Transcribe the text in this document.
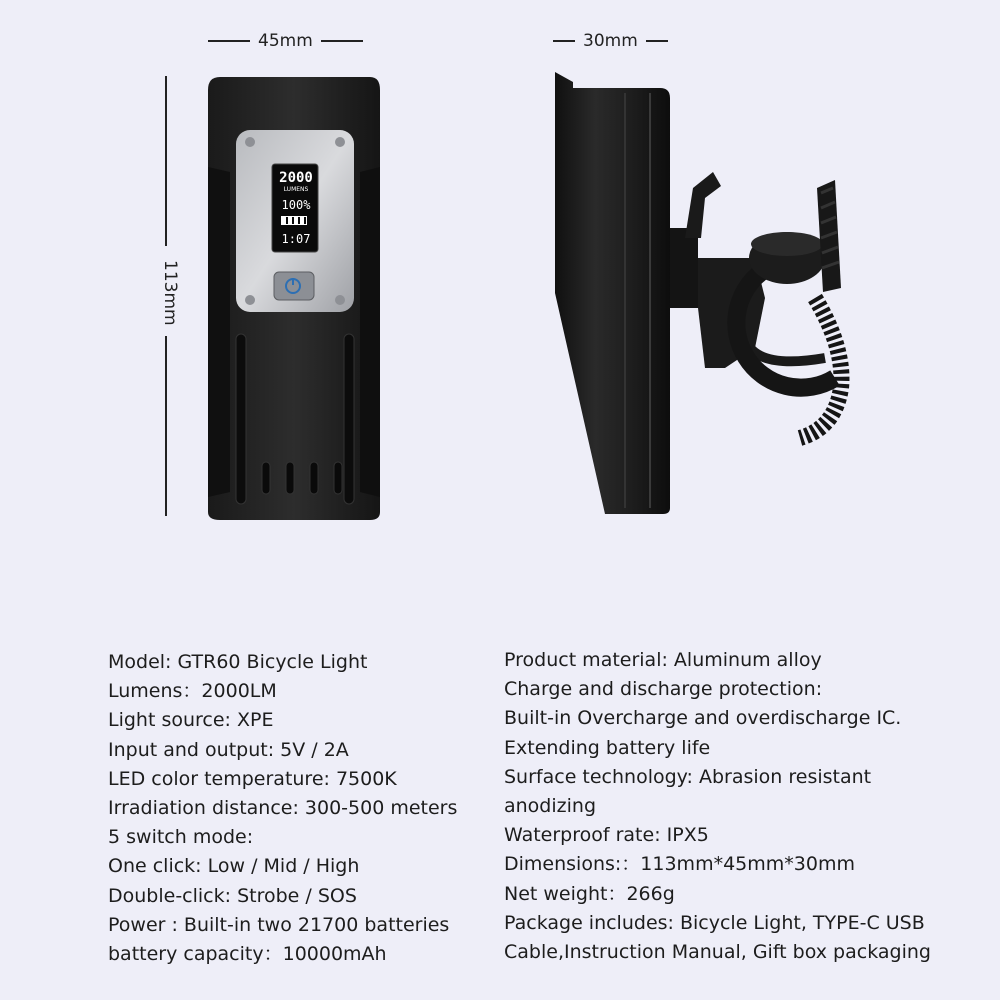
45mm	30mm
113mm
2000
LUMENS
100%
1:07
Model: GTR60 Bicycle Light
Lumens：2000LM
Light source: XPE
Input and output: 5V / 2A
LED color temperature: 7500K
Irradiation distance: 300-500 meters
5 switch mode:
One click: Low / Mid / High
Double-click: Strobe / SOS
Power : Built-in two 21700 batteries
battery capacity：10000mAh
Product material: Aluminum alloy
Charge and discharge protection:
Built-in Overcharge and overdischarge IC.
Extending battery life
Surface technology: Abrasion resistant
anodizing
Waterproof rate: IPX5
Dimensions:：113mm*45mm*30mm
Net weight：266g
Package includes: Bicycle Light, TYPE-C USB
Cable,Instruction Manual, Gift box packaging
